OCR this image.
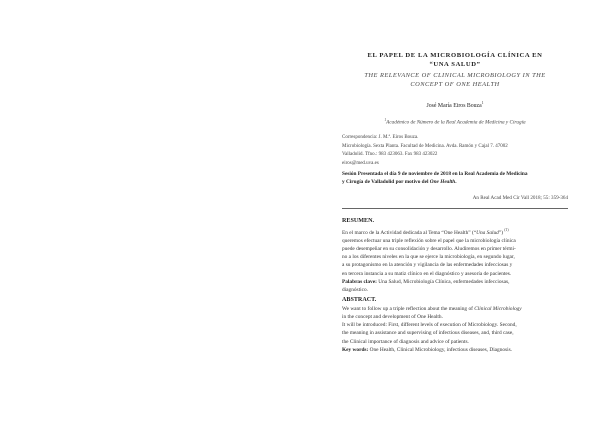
EL PAPEL DE LA MICROBIOLOGÍA CLÍNICA EN
“UNA SALUD”
THE RELEVANCE OF CLINICAL MICROBIOLOGY IN THE
CONCEPT OF ONE HEALTH
José María Eiros Bouza$^1$
$^1$Académico de Número de la Real Academia de Medicina y Cirugía
Correspondencia: J. M.ª. Eiros Bouza.
Microbiología. Sexta Planta. Facultad de Medicina. Avda. Ramón y Cajal 7. 47002
Valladolid. Tfno.: 983 423063. Fax 983 423022
eiros@med.uva.es
Sesión Presentada el día 9 de noviembre de 2018 en la Real Academia de Medicina
y Cirugía de Valladolid por motivo del One Health.
An Real Acad Med Cir Vall 2018; 55: 359-364
RESUMEN.
En el marco de la Actividad dedicada al Tema “One Health” (“Una Salud”) $^{(1)}$
queremos efectuar una triple reflexión sobre el papel que la microbiología clínica
puede desempeñar en su consolidación y desarrollo. Aludiremos en primer térmi-
no a los diferentes niveles en la que se ejerce la microbiología, en segundo lugar,
a su protagonismo en la atención y vigilancia de las enfermedades infecciosas y
en tercera instancia a su matiz clínico en el diagnóstico y asesoría de pacientes.
Palabras clave: Una Salud, Microbiología Clínica, enfermedades infecciosas,
diagnóstico.
ABSTRACT.
We want to follow up a triple reflection about the meaning of Clinical Microbiology
in the concept and development of One Health.
It will be introduced: First, different levels of execution of Microbiology. Second,
the meaning in assistance and supervising of infectious diseases, and, third case,
the Clinical importance of diagnosis and advice of patients.
Key words: One Health, Clinical Microbiology, infectious diseases, Diagnosis.
